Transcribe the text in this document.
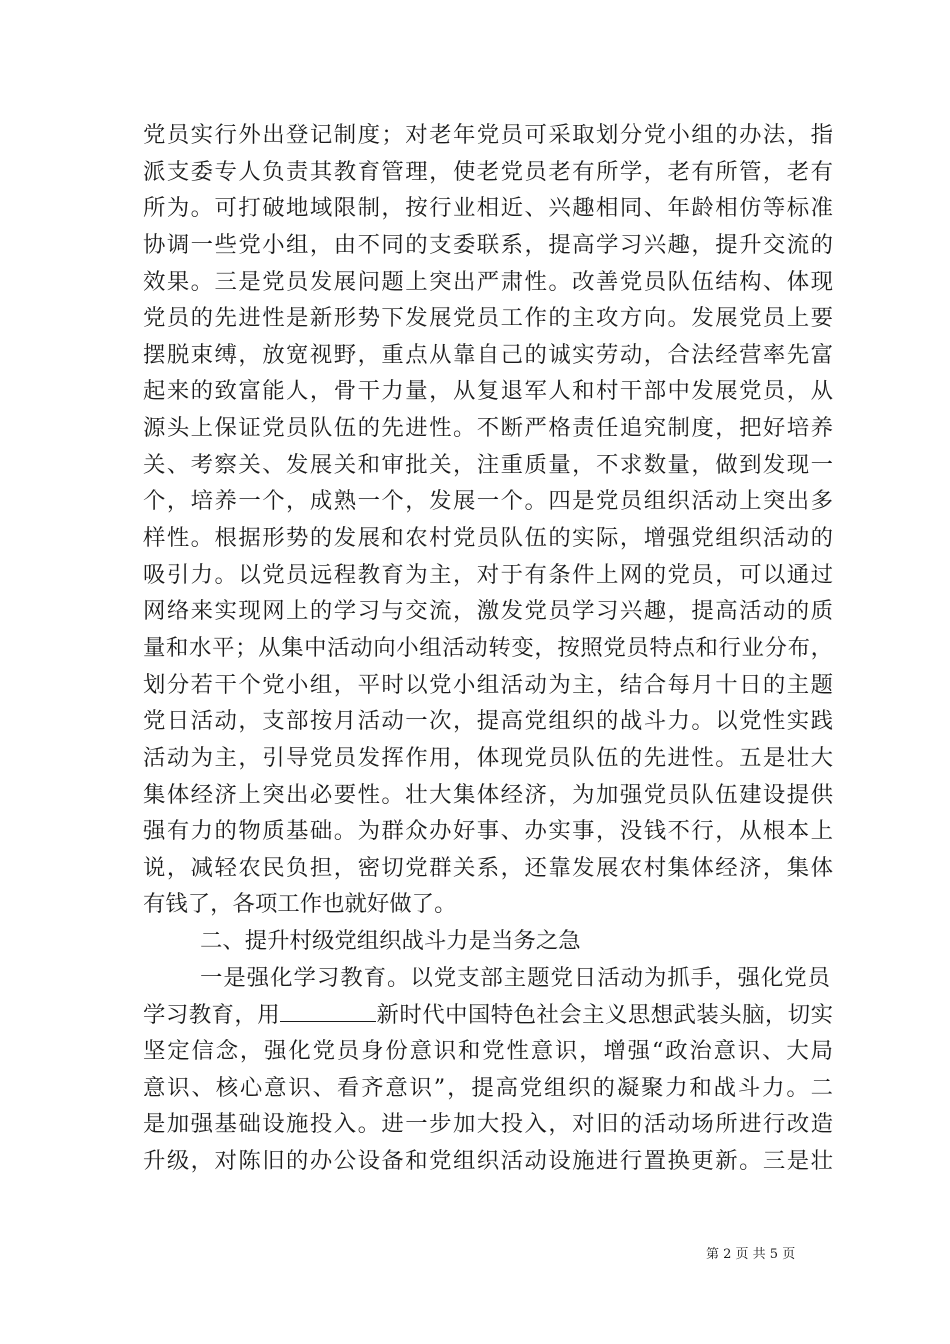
党员实行外出登记制度；对老年党员可采取划分党小组的办法，指
派支委专人负责其教育管理，使老党员老有所学，老有所管，老有
所为。可打破地域限制，按行业相近、兴趣相同、年龄相仿等标准
协调一些党小组，由不同的支委联系，提高学习兴趣，提升交流的
效果。三是党员发展问题上突出严肃性。改善党员队伍结构、体现
党员的先进性是新形势下发展党员工作的主攻方向。发展党员上要
摆脱束缚，放宽视野，重点从靠自己的诚实劳动，合法经营率先富
起来的致富能人，骨干力量，从复退军人和村干部中发展党员，从
源头上保证党员队伍的先进性。不断严格责任追究制度，把好培养
关、考察关、发展关和审批关，注重质量，不求数量，做到发现一
个，培养一个，成熟一个，发展一个。四是党员组织活动上突出多
样性。根据形势的发展和农村党员队伍的实际，增强党组织活动的
吸引力。以党员远程教育为主，对于有条件上网的党员，可以通过
网络来实现网上的学习与交流，激发党员学习兴趣，提高活动的质
量和水平；从集中活动向小组活动转变，按照党员特点和行业分布，
划分若干个党小组，平时以党小组活动为主，结合每月十日的主题
党日活动，支部按月活动一次，提高党组织的战斗力。以党性实践
活动为主，引导党员发挥作用，体现党员队伍的先进性。五是壮大
集体经济上突出必要性。壮大集体经济，为加强党员队伍建设提供
强有力的物质基础。为群众办好事、办实事，没钱不行，从根本上
说，减轻农民负担，密切党群关系，还靠发展农村集体经济，集体
有钱了，各项工作也就好做了。
二、提升村级党组织战斗力是当务之急
一是强化学习教育。以党支部主题党日活动为抓手，强化党员
学习教育，用	新时代中国特色社会主义思想武装头脑，切实
坚定信念，强化党员身份意识和党性意识，增强“政治意识、大局
意识、核心意识、看齐意识”，提高党组织的凝聚力和战斗力。二
是加强基础设施投入。进一步加大投入，对旧的活动场所进行改造
升级，对陈旧的办公设备和党组织活动设施进行置换更新。三是壮
第 2 页 共 5 页
